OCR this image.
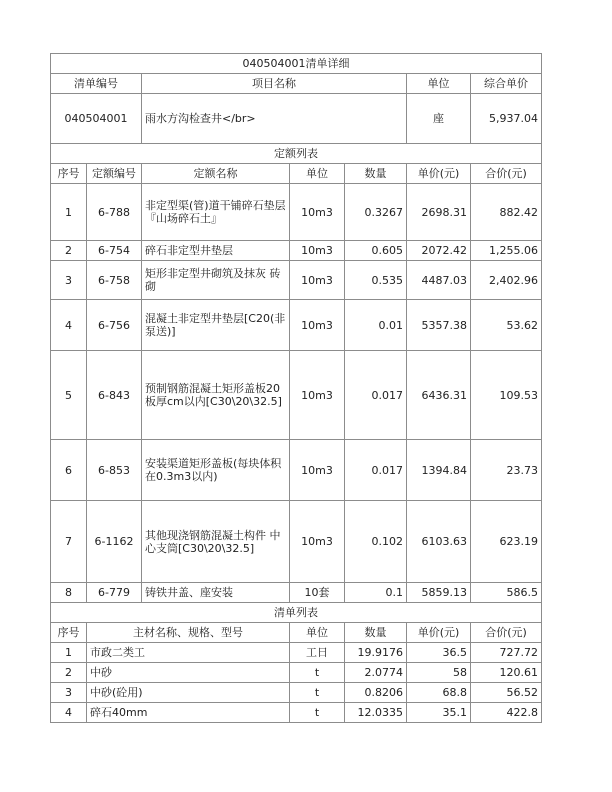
040504001清单详细						
清单编号		项目名称			单位	综合单价
040504001		雨水方沟检查井</br>			座	5,937.04
定额列表						
序号	定额编号	定额名称	单位	数量	单价(元)	合价(元)
1	6-788	非定型渠(管)道干铺碎石垫层『山场碎石土』	10m3	0.3267	2698.31	882.42
2	6-754	碎石非定型井垫层	10m3	0.605	2072.42	1,255.06
3	6-758	矩形非定型井砌筑及抹灰 砖砌	10m3	0.535	4487.03	2,402.96
4	6-756	混凝土非定型井垫层[C20(非泵送)]	10m3	0.01	5357.38	53.62
5	6-843	预制钢筋混凝土矩形盖板20板厚cm以内[C30\20\32.5]	10m3	0.017	6436.31	109.53
6	6-853	安装渠道矩形盖板(每块体积在0.3m3以内)	10m3	0.017	1394.84	23.73
7	6-1162	其他现浇钢筋混凝土构件 中心支筒[C30\20\32.5]	10m3	0.102	6103.63	623.19
8	6-779	铸铁井盖、座安装	10套	0.1	5859.13	586.5
清单列表						
序号	主材名称、规格、型号		单位	数量	单价(元)	合价(元)
1	市政二类工		工日	19.9176	36.5	727.72
2	中砂		t	2.0774	58	120.61
3	中砂(砼用)		t	0.8206	68.8	56.52
4	碎石40mm		t	12.0335	35.1	422.8
